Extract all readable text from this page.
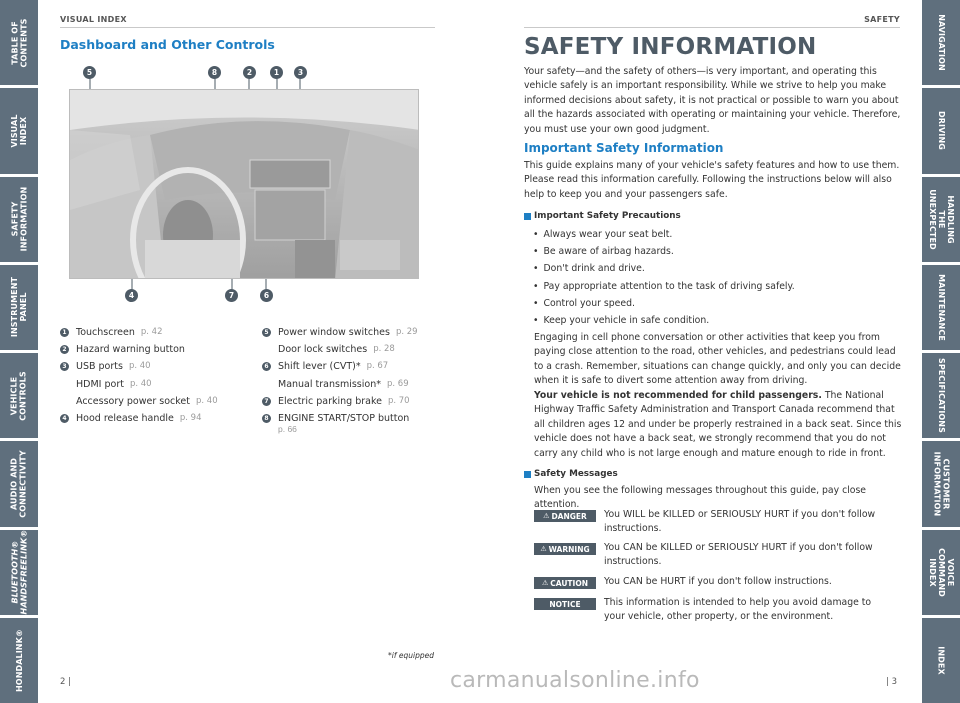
TABLE OF CONTENTS
VISUAL INDEX
SAFETY
INFORMATION
INSTRUMENT PANEL
VEHICLE
CONTROLS
AUDIO AND
CONNECTIVITY
BLUETOOTH®
HANDSFREELINK®
HONDALINK®
NAVIGATION
DRIVING
HANDLING THE
UNEXPECTED
MAINTENANCE
SPECIFICATIONS
CUSTOMER
INFORMATION
VOICE COMMAND
INDEX
INDEX
VISUAL INDEX
Dashboard and Other Controls
5	8	2	1	3
4	7	6
1 Touchscreen p. 42
2 Hazard warning button
3 USB ports p. 40
HDMI port p. 40
Accessory power socket p. 40
4 Hood release handle p. 94
5 Power window switches p. 29
Door lock switches p. 28
6 Shift lever (CVT)* p. 67
Manual transmission* p. 69
7 Electric parking brake p. 70
8 ENGINE START/STOP button
p. 66
*if equipped
2 |
SAFETY
SAFETY INFORMATION
Your safety—and the safety of others—is very important, and operating this vehicle safely is an important responsibility. While we strive to help you make informed decisions about safety, it is not practical or possible to warn you about all the hazards associated with operating or maintaining your vehicle. Therefore, you must use your own good judgment.
Important Safety Information
This guide explains many of your vehicle's safety features and how to use them. Please read this information carefully. Following the instructions below will also help to keep you and your passengers safe.
Important Safety Precautions
• Always wear your seat belt.
• Be aware of airbag hazards.
• Don't drink and drive.
• Pay appropriate attention to the task of driving safely.
• Control your speed.
• Keep your vehicle in safe condition.
Engaging in cell phone conversation or other activities that keep you from paying close attention to the road, other vehicles, and pedestrians could lead to a crash. Remember, situations can change quickly, and only you can decide when it is safe to divert some attention away from driving.
Your vehicle is not recommended for child passengers. The National Highway Traffic Safety Administration and Transport Canada recommend that all children ages 12 and under be properly restrained in a back seat. Since this vehicle does not have a back seat, we strongly recommend that you do not carry any child who is not large enough and mature enough to ride in front.
Safety Messages
When you see the following messages throughout this guide, pay close attention.
⚠ DANGER You WILL be KILLED or SERIOUSLY HURT if you don't follow instructions.
⚠ WARNING You CAN be KILLED or SERIOUSLY HURT if you don't follow instructions.
⚠ CAUTION You CAN be HURT if you don't follow instructions.
NOTICE	This information is intended to help you avoid damage to your vehicle, other property, or the environment.
| 3
carmanualsonline.info
